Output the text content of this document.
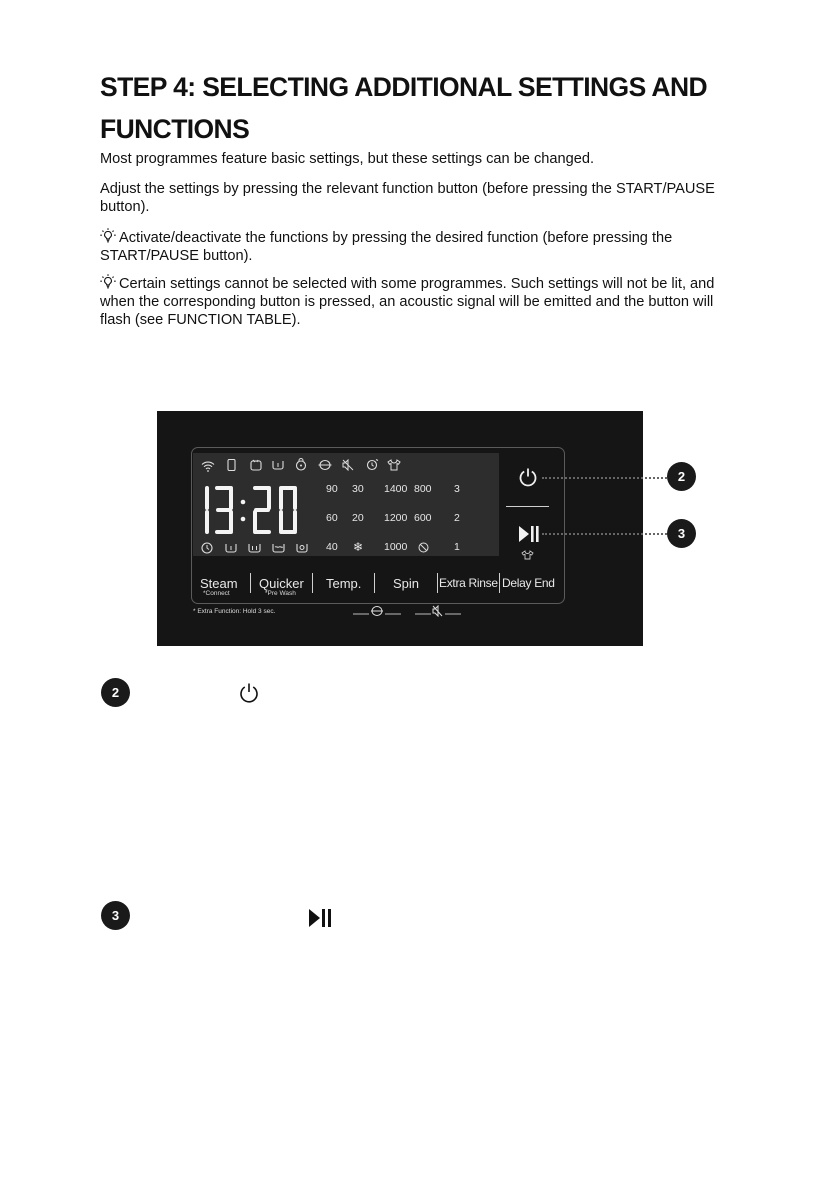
STEP 4: SELECTING ADDITIONAL SETTINGS AND FUNCTIONS

Most programmes feature basic settings, but these settings can be changed.

Adjust the settings by pressing the relevant function button (before pressing the START/PAUSE button).

Activate/deactivate the functions by pressing the desired function (before pressing the START/PAUSE button).

Certain settings cannot be selected with some programmes. Such settings will not be lit, and when the corresponding button is pressed, an acoustic signal will be emitted and the button will flash (see FUNCTION TABLE).

90 30
60 20
40 ❄
1400 800
1200 600
1000
3
2
1
Steam
*Connect
Quicker
*Pre Wash
Temp. Spin Extra Rinse Delay End
* Extra Function: Hold 3 sec.
2
3
2
3
